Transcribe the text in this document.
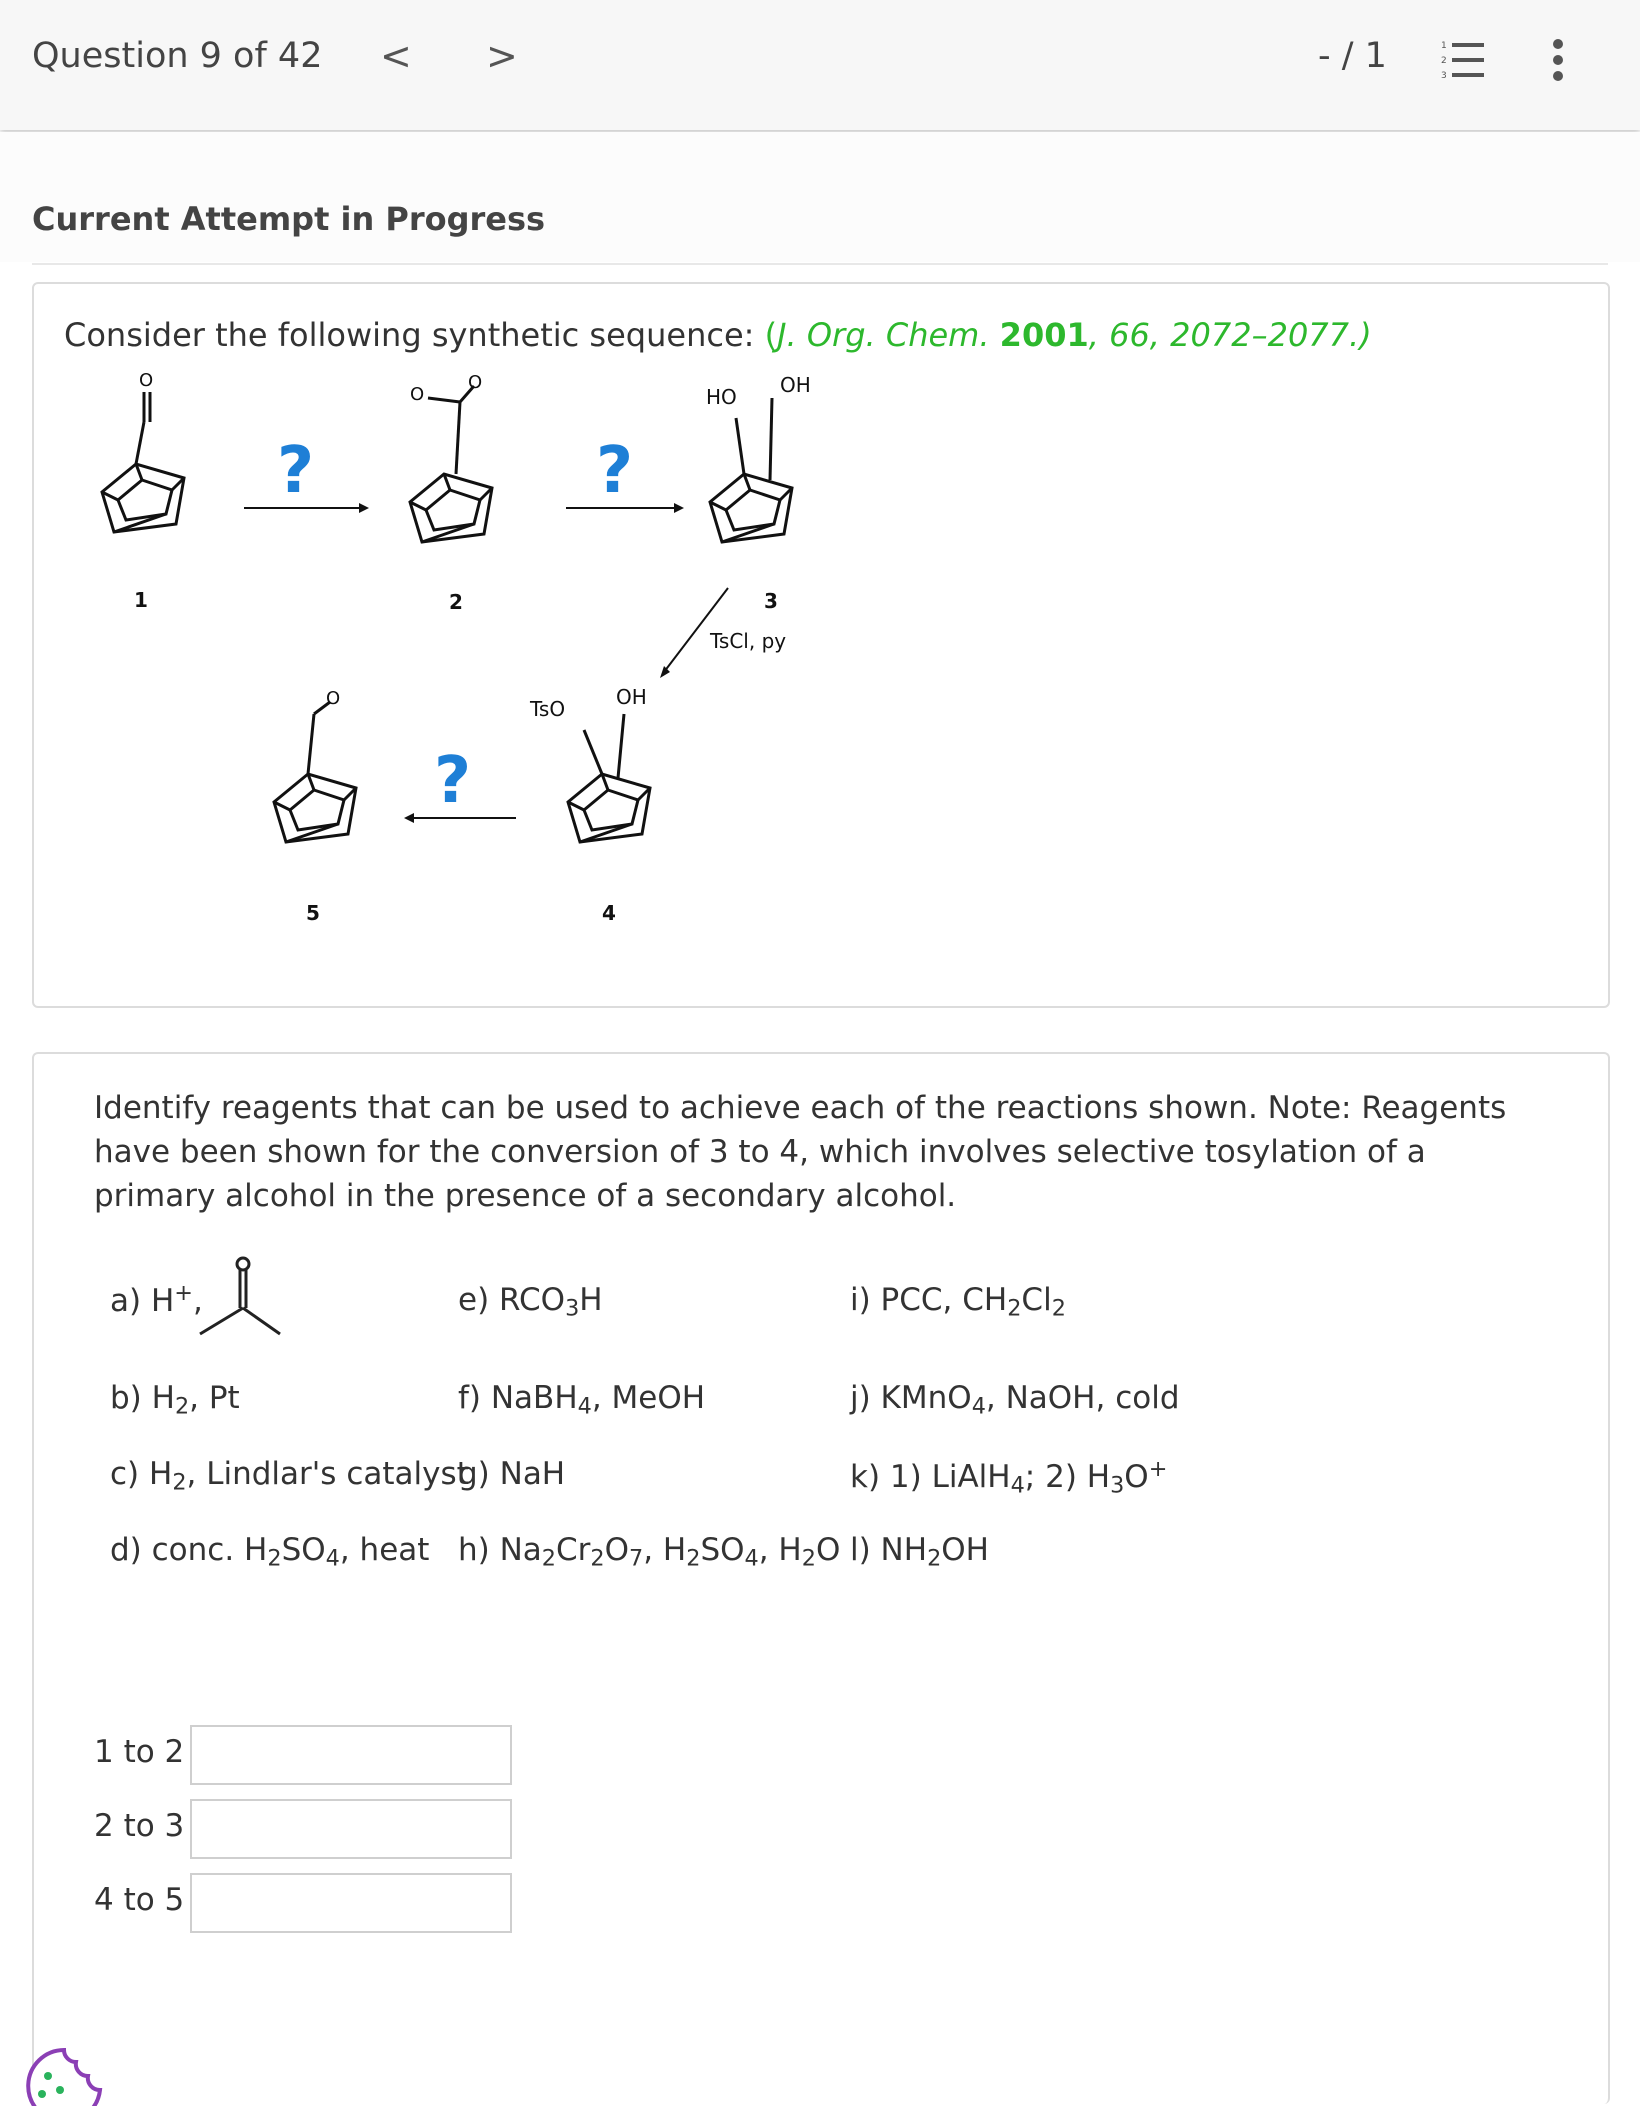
Question 9 of 42 < >	- / 1	1
2
3
Current Attempt in Progress
Consider the following synthetic sequence: (J. Org. Chem. 2001, 66, 2072–2077.)
O
1
?
O
O
2
?
HO OH
3
TsCl, py
TsO	OH
4
?
O
5
Identify reagents that can be used to achieve each of the reactions shown. Note: Reagents have been shown for the conversion of 3 to 4, which involves selective tosylation of a primary alcohol in the presence of a secondary alcohol.
a) H+,
b) $H_2$, Pt
c) $H_2$, Lindlar's catalyst
d) conc. $H_2SO_4$, heat
e) $RCO_3H$
f) NaBH$_4$, MeOH
g) NaH
h) $Na_2Cr_2O_7$, $H_2SO_4$, $H_2O$
i) PCC, $CH_2Cl_2$
j) KMnO$_4$, NaOH, cold
k) 1) LiAlH$_4$; 2) $H_3O^+$
l) $NH_2OH$
1 to 2
2 to 3
4 to 5
